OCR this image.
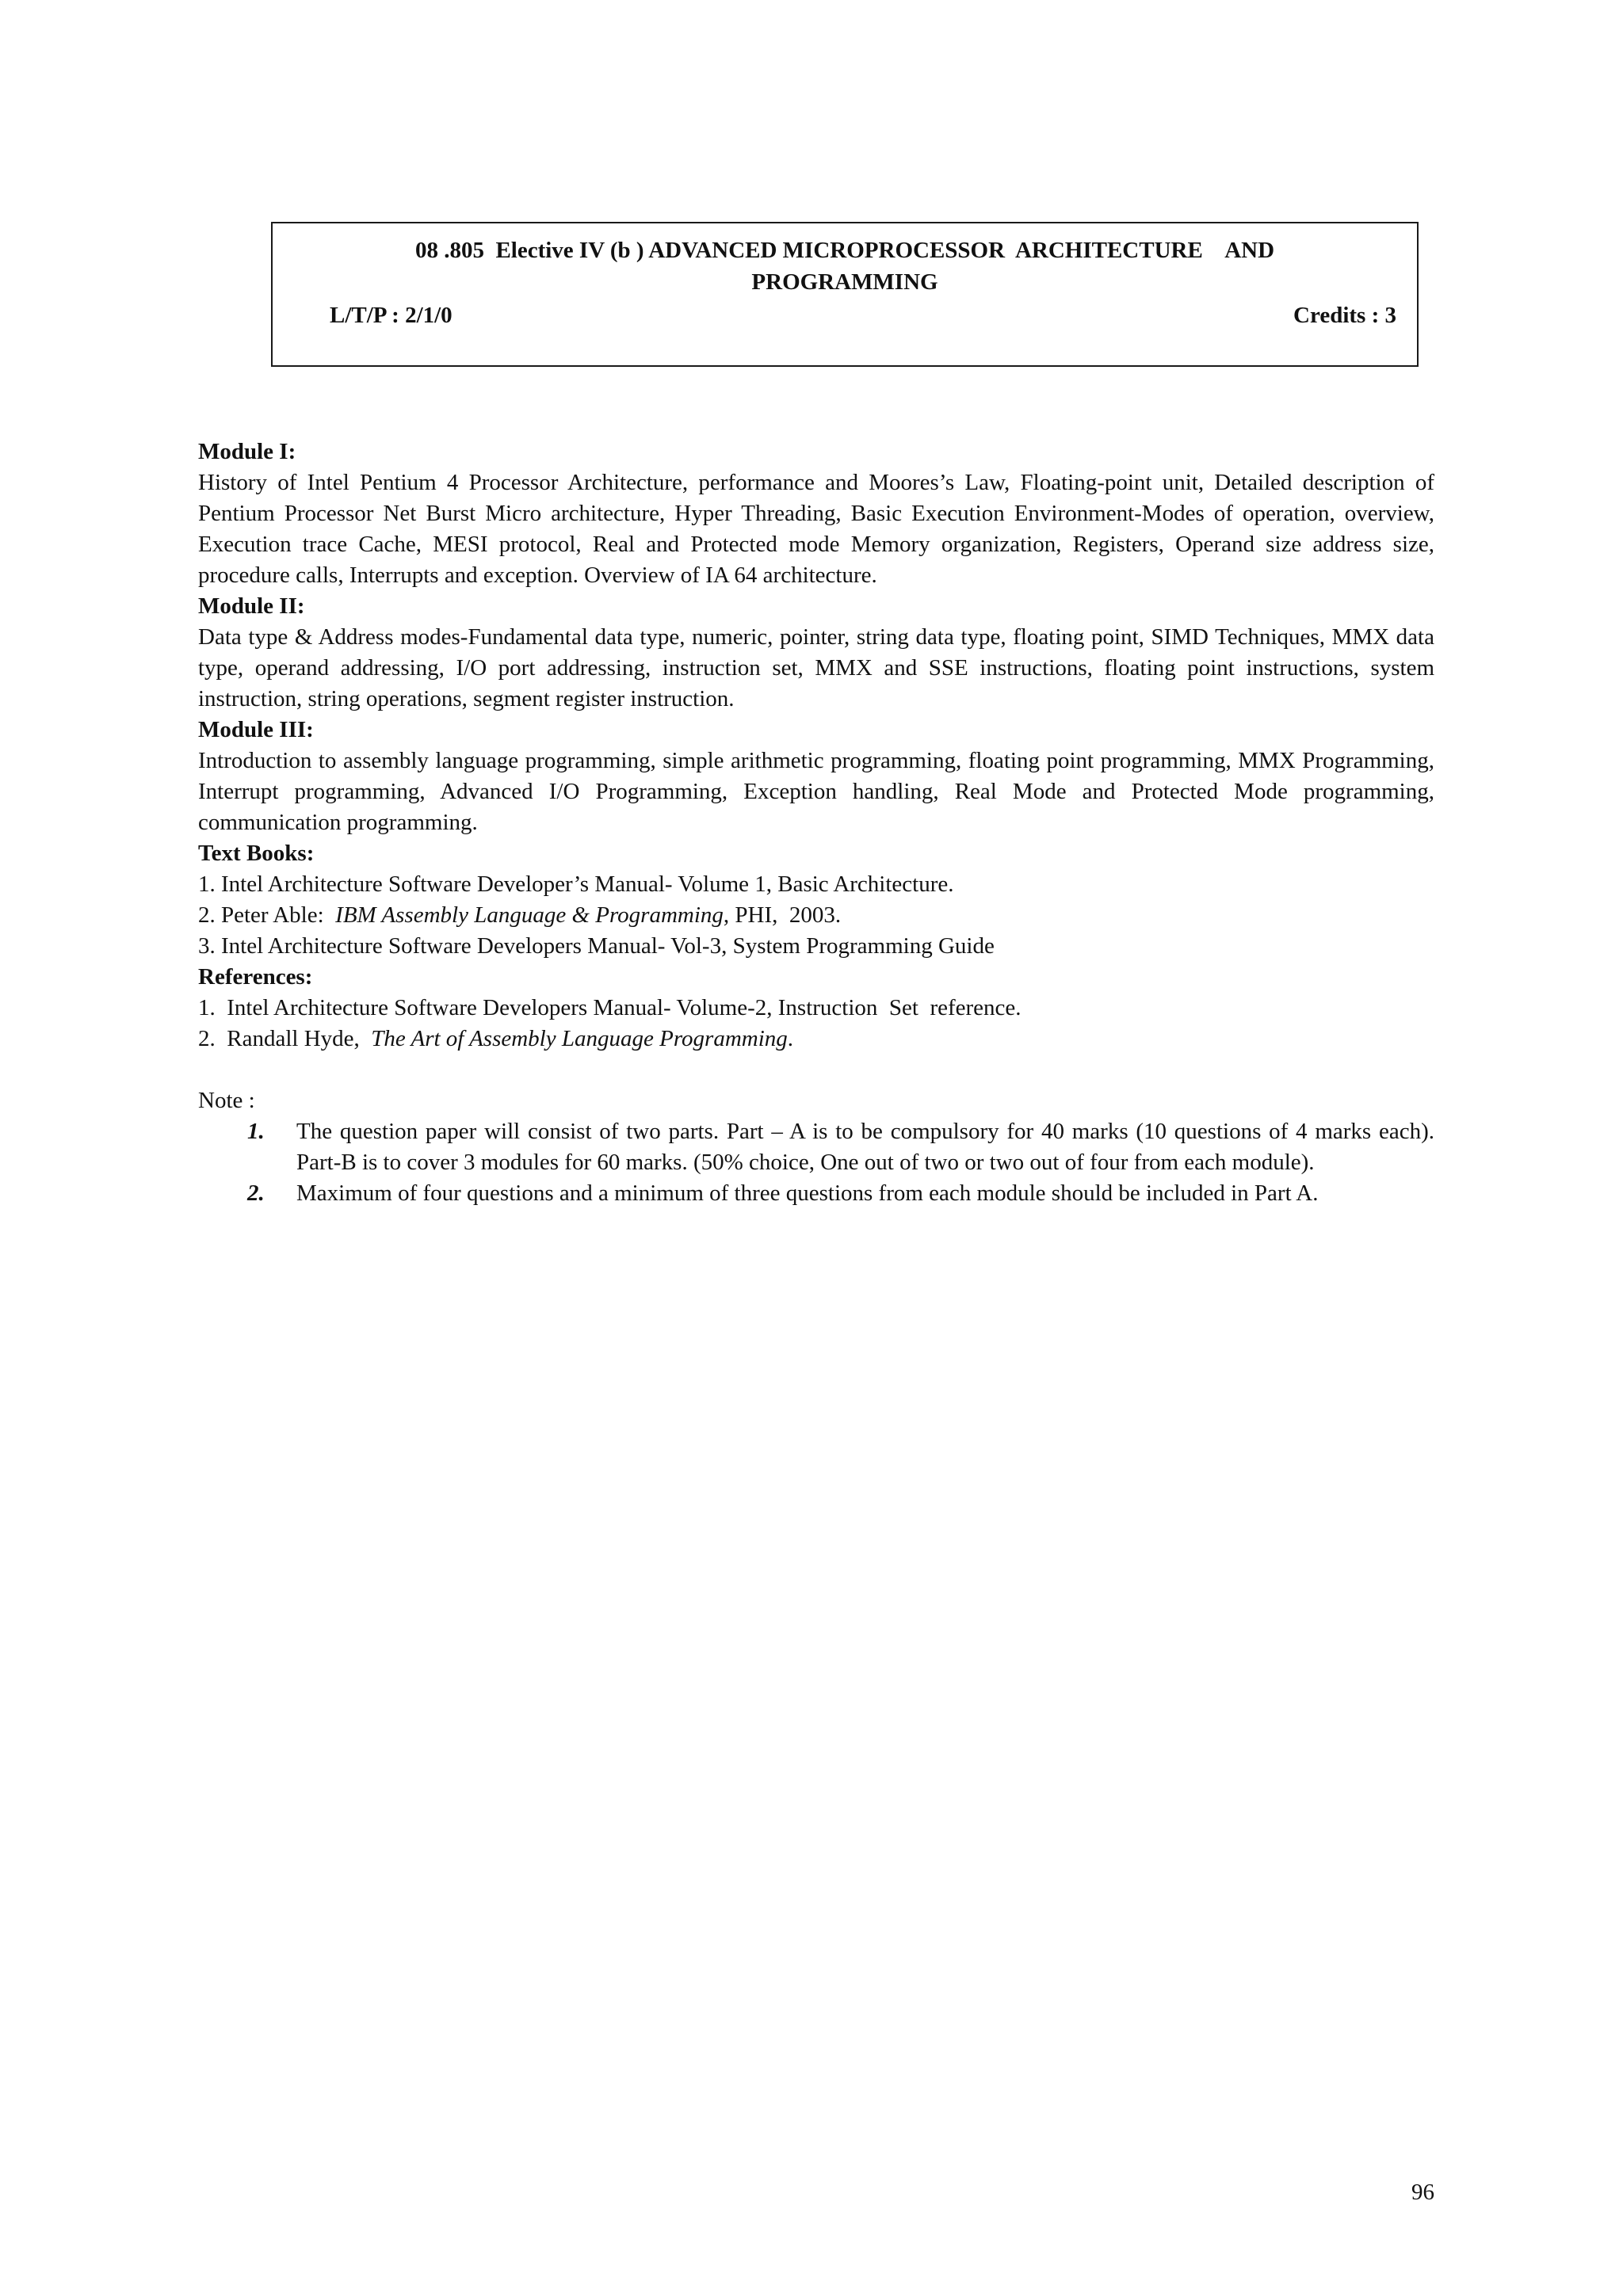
08 .805  Elective IV (b ) ADVANCED MICROPROCESSOR  ARCHITECTURE    AND
PROGRAMMING
L/T/P : 2/1/0	Credits : 3

Module I:

History of Intel Pentium 4 Processor Architecture, performance and Moores’s Law, Floating-point unit, Detailed description of Pentium Processor Net Burst Micro architecture, Hyper Threading, Basic Execution Environment-Modes of operation, overview, Execution trace Cache, MESI protocol, Real and Protected mode Memory organization, Registers, Operand size address size, procedure calls, Interrupts and exception. Overview of IA 64 architecture.

Module II:

Data type & Address modes-Fundamental data type, numeric, pointer, string data type, floating point, SIMD Techniques, MMX data type, operand addressing, I/O port addressing, instruction set, MMX and SSE instructions, floating point instructions, system instruction, string operations, segment register instruction.

Module III:

Introduction to assembly language programming, simple arithmetic programming, floating point programming, MMX Programming, Interrupt programming, Advanced I/O Programming, Exception handling, Real Mode and Protected Mode programming, communication programming.

Text Books:

1. Intel Architecture Software Developer’s Manual- Volume 1, Basic Architecture.

2. Peter Able:  IBM Assembly Language & Programming, PHI,  2003.

3. Intel Architecture Software Developers Manual- Vol-3, System Programming Guide

References:

1.  Intel Architecture Software Developers Manual- Volume-2, Instruction  Set  reference.

2.  Randall Hyde,  The Art of Assembly Language Programming.

Note :

1. The question paper will consist of two parts. Part – A is to be compulsory for 40 marks (10 questions of 4 marks each). Part-B is to cover 3 modules for 60 marks. (50% choice, One out of two or two out of four from each module).
2. Maximum of four questions and a minimum of three questions from each module should be included in Part A.
96
